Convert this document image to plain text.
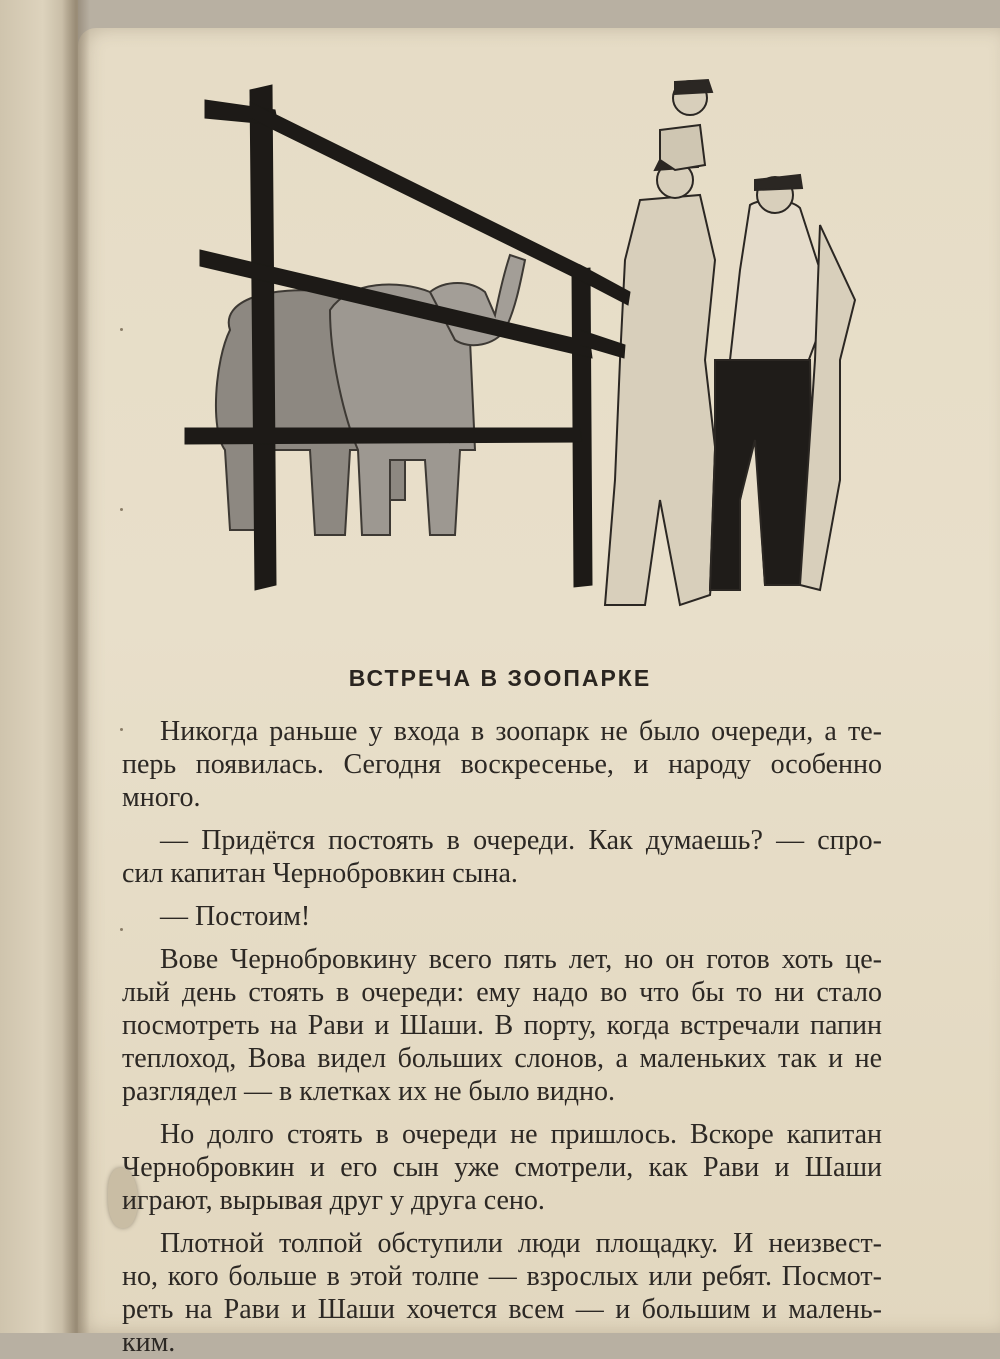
ВСТРЕЧА В ЗООПАРКЕ
Никогда раньше у входа в зоопарк не было очереди, а те-
перь появилась. Сегодня воскресенье, и народу особенно
много.
— Придётся постоять в очереди. Как думаешь? — спро-
сил капитан Чернобровкин сына.
— Постоим!
Вове Чернобровкину всего пять лет, но он готов хоть це-
лый день стоять в очереди: ему надо во что бы то ни стало
посмотреть на Рави и Шаши. В порту, когда встречали папин
теплоход, Вова видел больших слонов, а маленьких так и не
разглядел — в клетках их не было видно.
Но долго стоять в очереди не пришлось. Вскоре капитан
Чернобровкин и его сын уже смотрели, как Рави и Шаши
играют, вырывая друг у друга сено.
Плотной толпой обступили люди площадку. И неизвест-
но, кого больше в этой толпе — взрослых или ребят. Посмот-
реть на Рави и Шаши хочется всем — и большим и малень-
ким.
